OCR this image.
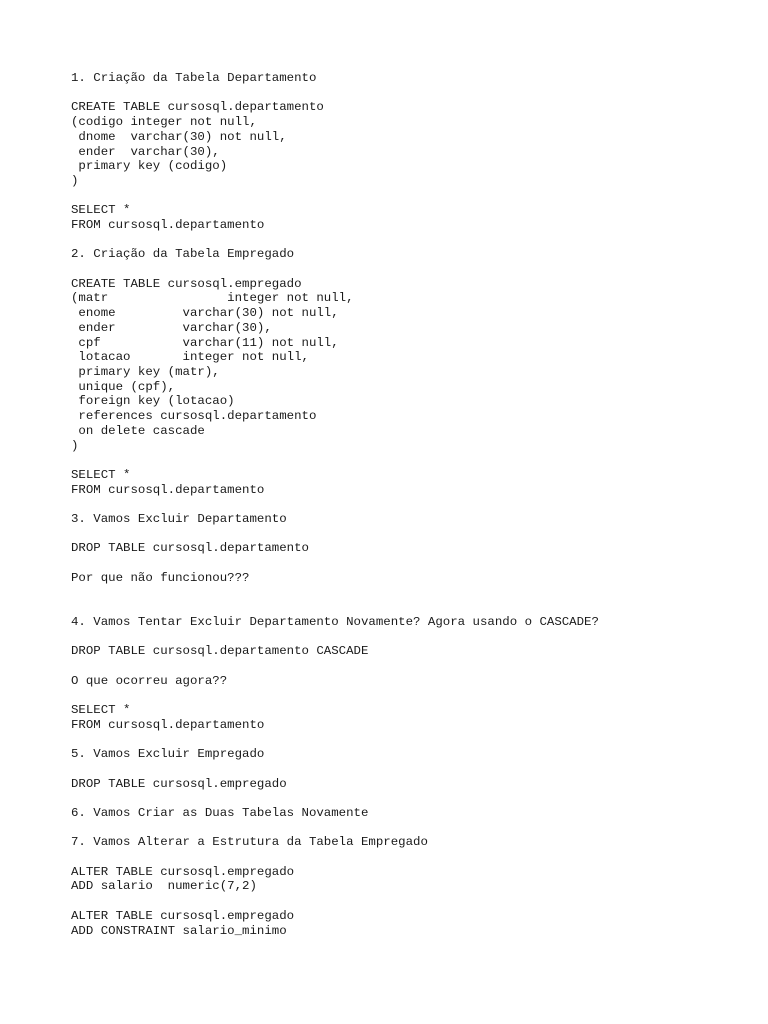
1. Criação da Tabela Departamento
CREATE TABLE cursosql.departamento
(codigo integer not null,
dnome  varchar(30) not null,
ender  varchar(30),
primary key (codigo)
)
SELECT *
FROM cursosql.departamento
2. Criação da Tabela Empregado
CREATE TABLE cursosql.empregado
(matr                integer not null,
enome         varchar(30) not null,
ender         varchar(30),
cpf           varchar(11) not null,
lotacao       integer not null,
primary key (matr),
unique (cpf),
foreign key (lotacao)
references cursosql.departamento
on delete cascade
)
SELECT *
FROM cursosql.departamento
3. Vamos Excluir Departamento
DROP TABLE cursosql.departamento
Por que não funcionou???
4. Vamos Tentar Excluir Departamento Novamente? Agora usando o CASCADE?
DROP TABLE cursosql.departamento CASCADE
O que ocorreu agora??
SELECT *
FROM cursosql.departamento
5. Vamos Excluir Empregado
DROP TABLE cursosql.empregado
6. Vamos Criar as Duas Tabelas Novamente
7. Vamos Alterar a Estrutura da Tabela Empregado
ALTER TABLE cursosql.empregado
ADD salario  numeric(7,2)
ALTER TABLE cursosql.empregado
ADD CONSTRAINT salario_minimo
